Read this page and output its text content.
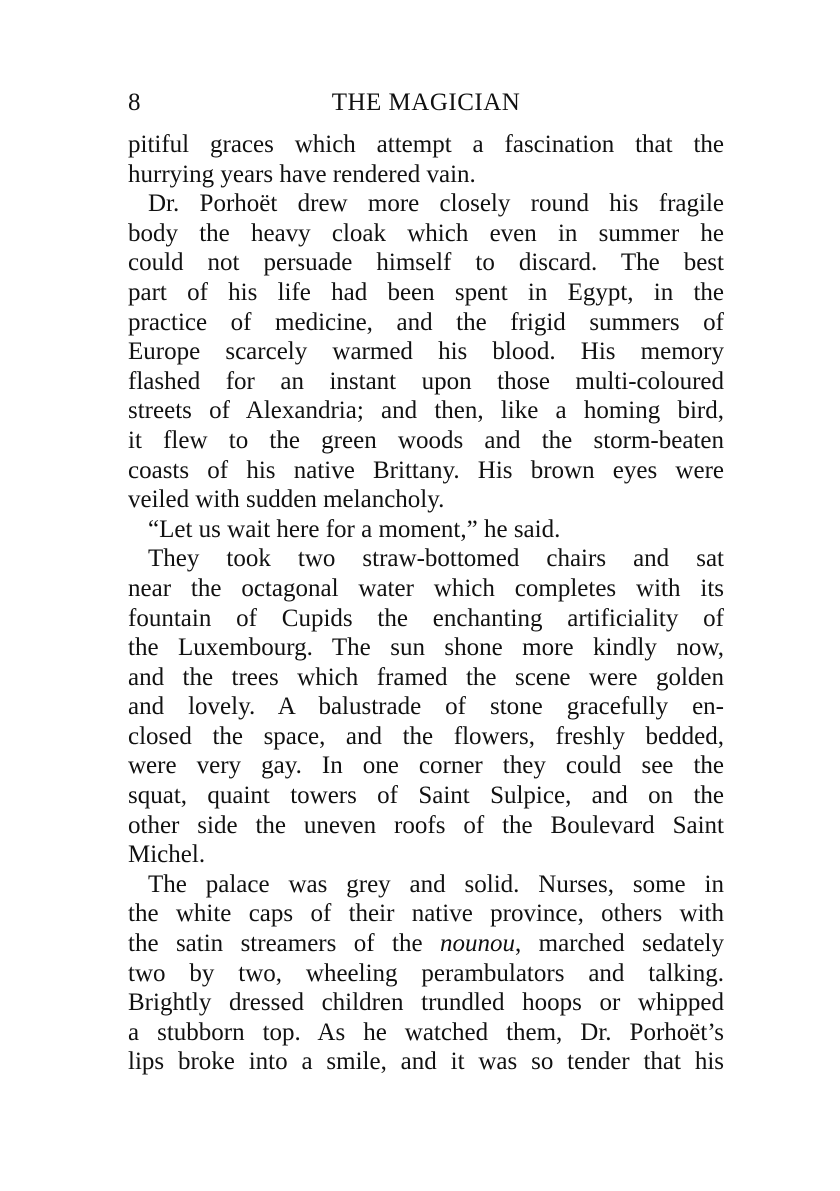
8	THE MAGICIAN
pitiful graces which attempt a fascination that the
hurrying years have rendered vain.
Dr. Porhoët drew more closely round his fragile
body the heavy cloak which even in summer he
could not persuade himself to discard. The best
part of his life had been spent in Egypt, in the
practice of medicine, and the frigid summers of
Europe scarcely warmed his blood. His memory
flashed for an instant upon those multi-coloured
streets of Alexandria; and then, like a homing bird,
it flew to the green woods and the storm-beaten
coasts of his native Brittany. His brown eyes were
veiled with sudden melancholy.
“Let us wait here for a moment,” he said.
They took two straw-bottomed chairs and sat
near the octagonal water which completes with its
fountain of Cupids the enchanting artificiality of
the Luxembourg. The sun shone more kindly now,
and the trees which framed the scene were golden
and lovely. A balustrade of stone gracefully en-
closed the space, and the flowers, freshly bedded,
were very gay. In one corner they could see the
squat, quaint towers of Saint Sulpice, and on the
other side the uneven roofs of the Boulevard Saint
Michel.
The palace was grey and solid. Nurses, some in
the white caps of their native province, others with
the satin streamers of the nounou, marched sedately
two by two, wheeling perambulators and talking.
Brightly dressed children trundled hoops or whipped
a stubborn top. As he watched them, Dr. Porhoët’s
lips broke into a smile, and it was so tender that his
